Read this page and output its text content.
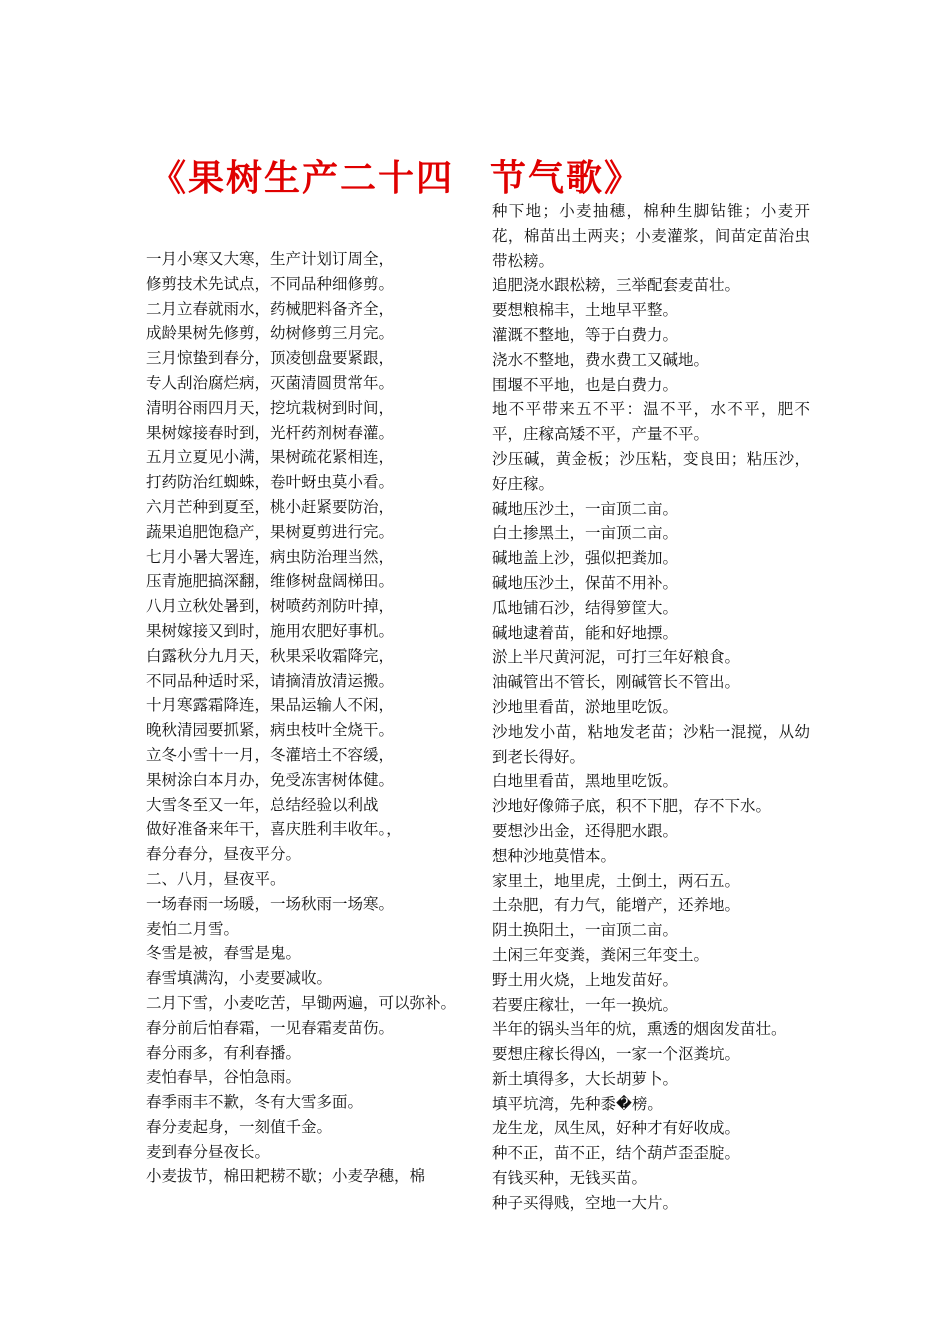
《果树生产二十四 节气歌》

一月小寒又大寒，生产计划订周全，

修剪技术先试点，不同品种细修剪。

二月立春就雨水，药械肥料备齐全，

成龄果树先修剪，幼树修剪三月完。

三月惊蛰到春分，顶凌刨盘要紧跟，

专人刮治腐烂病，灭菌清圆贯常年。

清明谷雨四月天，挖坑栽树到时间，

果树嫁接春时到，光杆药剂树春灌。

五月立夏见小满，果树疏花紧相连，

打药防治红蜘蛛，卷叶蚜虫莫小看。

六月芒种到夏至，桃小赶紧要防治，

蔬果追肥饱稳产，果树夏剪进行完。

七月小暑大署连，病虫防治理当然，

压青施肥搞深翻，维修树盘阔梯田。

八月立秋处暑到，树喷药剂防叶掉，

果树嫁接又到时，施用农肥好事机。

白露秋分九月天，秋果采收霜降完，

不同品种适时采，请摘清放清运搬。

十月寒露霜降连，果品运输人不闲，

晚秋清园要抓紧，病虫枝叶全烧干。

立冬小雪十一月，冬灌培土不容缓，

果树涂白本月办，免受冻害树体健。

大雪冬至又一年，总结经验以利战

做好准备来年干，喜庆胜利丰收年。，

春分春分，昼夜平分。

二、八月，昼夜平。

一场春雨一场暖，一场秋雨一场寒。

麦怕二月雪。

冬雪是被，春雪是鬼。

春雪填满沟，小麦要减收。

二月下雪，小麦吃苦，早锄两遍，可以弥补。

春分前后怕春霜，一见春霜麦苗伤。

春分雨多，有利春播。

麦怕春旱，谷怕急雨。

春季雨丰不歉，冬有大雪多面。

春分麦起身，一刻值千金。

麦到春分昼夜长。

小麦拔节，棉田耙耢不歇；小麦孕穗，棉

种下地；小麦抽穗，棉种生脚钻锥；小麦开花，棉苗出土两夹；小麦灌浆，间苗定苗治虫带松耪。

追肥浇水跟松耪，三举配套麦苗壮。

要想粮棉丰，土地早平整。

灌溉不整地，等于白费力。

浇水不整地，费水费工又碱地。

围堰不平地，也是白费力。

地不平带来五不平：温不平，水不平，肥不平，庄稼高矮不平，产量不平。

沙压碱，黄金板；沙压粘，变良田；粘压沙，好庄稼。

碱地压沙土，一亩顶二亩。

白土掺黑土，一亩顶二亩。

碱地盖上沙，强似把粪加。

碱地压沙土，保苗不用补。

瓜地铺石沙，结得箩筐大。

碱地逮着苗，能和好地摽。

淤上半尺黄河泥，可打三年好粮食。

油碱管出不管长，刚碱管长不管出。

沙地里看苗，淤地里吃饭。

沙地发小苗，粘地发老苗；沙粘一混搅，从幼到老长得好。

白地里看苗，黑地里吃饭。

沙地好像筛子底，积不下肥，存不下水。

要想沙出金，还得肥水跟。

想种沙地莫惜本。

家里土，地里虎，土倒土，两石五。

土杂肥，有力气，能增产，还养地。

阴土换阳土，一亩顶二亩。

土闲三年变粪，粪闲三年变土。

野土用火烧，上地发苗好。

若要庄稼壮，一年一换炕。

半年的锅头当年的炕，熏透的烟囱发苗壮。

要想庄稼长得凶，一家一个沤粪坑。

新土填得多，大长胡萝卜。

填平坑湾，先种黍�榜。

龙生龙，凤生凤，好种才有好收成。

种不正，苗不正，结个葫芦歪歪腚。

有钱买种，无钱买苗。

种子买得贱，空地一大片。
